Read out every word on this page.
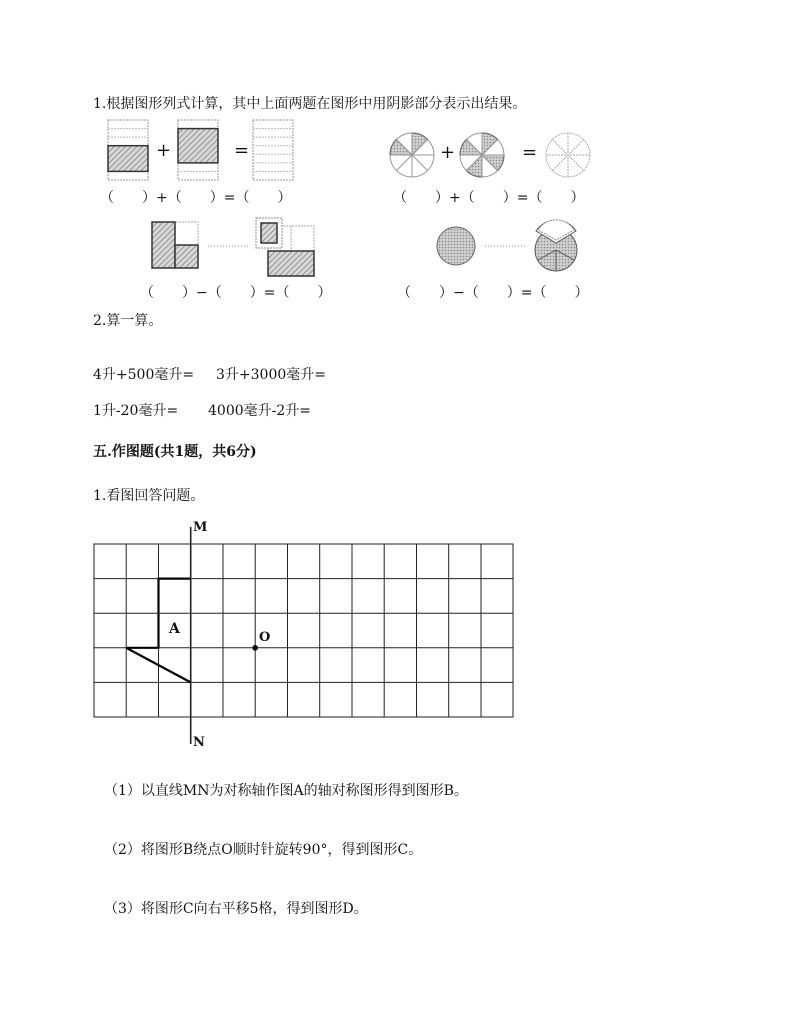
1.根据图形列式计算，其中上面两题在图形中用阴影部分表示出结果。
=
+	+	=
（　　）+（　　）=（　　）	（　　）+（　　）=（　　）
（　　）−（　　）=（　　）	（　　）−（　　）=（　　）
2.算一算。
4升+500毫升= 3升+3000毫升=
1升-20毫升= 4000毫升-2升=
五.作图题(共1题，共6分)
1.看图回答问题。
M
N
A
O
（1）以直线MN为对称轴作图A的轴对称图形得到图形B。
（2）将图形B绕点O顺时针旋转90°，得到图形C。
（3）将图形C向右平移5格，得到图形D。
